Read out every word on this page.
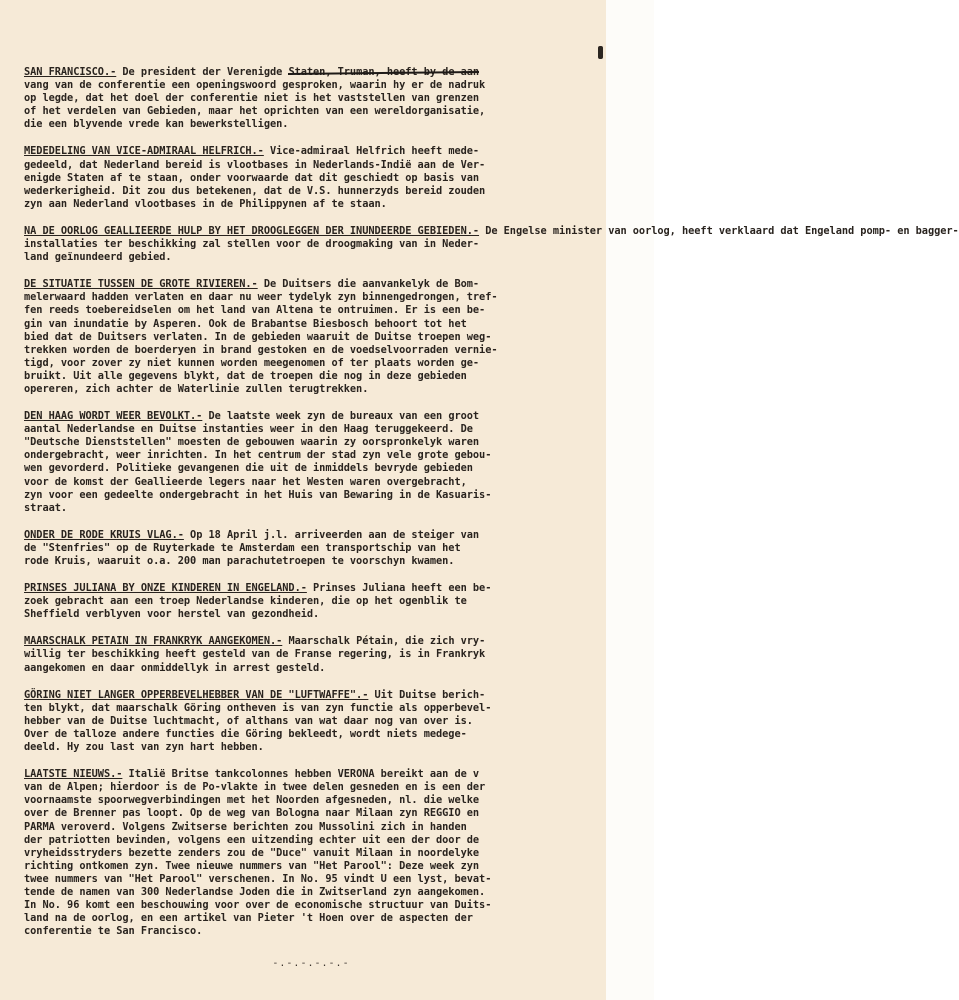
SAN FRANCISCO.- De president der Verenigde Staten, Truman, heeft by de aan
vang van de conferentie een openingswoord gesproken, waarin hy er de nadruk
op legde, dat het doel der conferentie niet is het vaststellen van grenzen
of het verdelen van Gebieden, maar het oprichten van een wereldorganisatie,
die een blyvende vrede kan bewerkstelligen.
MEDEDELING VAN VICE-ADMIRAAL HELFRICH.- Vice-admiraal Helfrich heeft mede-
gedeeld, dat Nederland bereid is vlootbases in Nederlands-Indië aan de Ver-
enigde Staten af te staan, onder voorwaarde dat dit geschiedt op basis van
wederkerigheid. Dit zou dus betekenen, dat de V.S. hunnerzyds bereid zouden
zyn aan Nederland vlootbases in de Philippynen af te staan.
NA DE OORLOG GEALLIEERDE HULP BY HET DROOGLEGGEN DER INUNDEERDE GEBIEDEN.- De Engelse minister van oorlog, heeft verklaard dat Engeland pomp- en bagger-
installaties ter beschikking zal stellen voor de droogmaking van in Neder-
land geïnundeerd gebied.
DE SITUATIE TUSSEN DE GROTE RIVIEREN.- De Duitsers die aanvankelyk de Bom-
melerwaard hadden verlaten en daar nu weer tydelyk zyn binnengedrongen, tref-
fen reeds toebereidselen om het land van Altena te ontruimen. Er is een be-
gin van inundatie by Asperen. Ook de Brabantse Biesbosch behoort tot het
bied dat de Duitsers verlaten. In de gebieden waaruit de Duitse troepen weg-
trekken worden de boerderyen in brand gestoken en de voedselvoorraden vernie-
tigd, voor zover zy niet kunnen worden meegenomen of ter plaats worden ge-
bruikt. Uit alle gegevens blykt, dat de troepen die nog in deze gebieden
opereren, zich achter de Waterlinie zullen terugtrekken.
DEN HAAG WORDT WEER BEVOLKT.- De laatste week zyn de bureaux van een groot
aantal Nederlandse en Duitse instanties weer in den Haag teruggekeerd. De
"Deutsche Dienststellen" moesten de gebouwen waarin zy oorspronkelyk waren
ondergebracht, weer inrichten. In het centrum der stad zyn vele grote gebou-
wen gevorderd. Politieke gevangenen die uit de inmiddels bevryde gebieden
voor de komst der Geallieerde legers naar het Westen waren overgebracht,
zyn voor een gedeelte ondergebracht in het Huis van Bewaring in de Kasuaris-
straat.
ONDER DE RODE KRUIS VLAG.- Op 18 April j.l. arriveerden aan de steiger van
de "Stenfries" op de Ruyterkade te Amsterdam een transportschip van het
rode Kruis, waaruit o.a. 200 man parachutetroepen te voorschyn kwamen.
PRINSES JULIANA BY ONZE KINDEREN IN ENGELAND.- Prinses Juliana heeft een be-
zoek gebracht aan een troep Nederlandse kinderen, die op het ogenblik te
Sheffield verblyven voor herstel van gezondheid.
MAARSCHALK PETAIN IN FRANKRYK AANGEKOMEN.- Maarschalk Pétain, die zich vry-
willig ter beschikking heeft gesteld van de Franse regering, is in Frankryk
aangekomen en daar onmiddellyk in arrest gesteld.
GÖRING NIET LANGER OPPERBEVELHEBBER VAN DE "LUFTWAFFE".- Uit Duitse berich-
ten blykt, dat maarschalk Göring ontheven is van zyn functie als opperbevel-
hebber van de Duitse luchtmacht, of althans van wat daar nog van over is.
Over de talloze andere functies die Göring bekleedt, wordt niets medege-
deeld. Hy zou last van zyn hart hebben.
LAATSTE NIEUWS.- Italië Britse tankcolonnes hebben VERONA bereikt aan de v
van de Alpen; hierdoor is de Po-vlakte in twee delen gesneden en is een der
voornaamste spoorwegverbindingen met het Noorden afgesneden, nl. die welke
over de Brenner pas loopt. Op de weg van Bologna naar Milaan zyn REGGIO en
PARMA veroverd. Volgens Zwitserse berichten zou Mussolini zich in handen
der patriotten bevinden, volgens een uitzending echter uit een der door de
vryheidsstryders bezette zenders zou de "Duce" vanuit Milaan in noordelyke
richting ontkomen zyn. Twee nieuwe nummers van "Het Parool": Deze week zyn
twee nummers van "Het Parool" verschenen. In No. 95 vindt U een lyst, bevat-
tende de namen van 300 Nederlandse Joden die in Zwitserland zyn aangekomen.
In No. 96 komt een beschouwing voor over de economische structuur van Duits-
land na de oorlog, en een artikel van Pieter 't Hoen over de aspecten der
conferentie te San Francisco.
-.-.-.-.-.-
